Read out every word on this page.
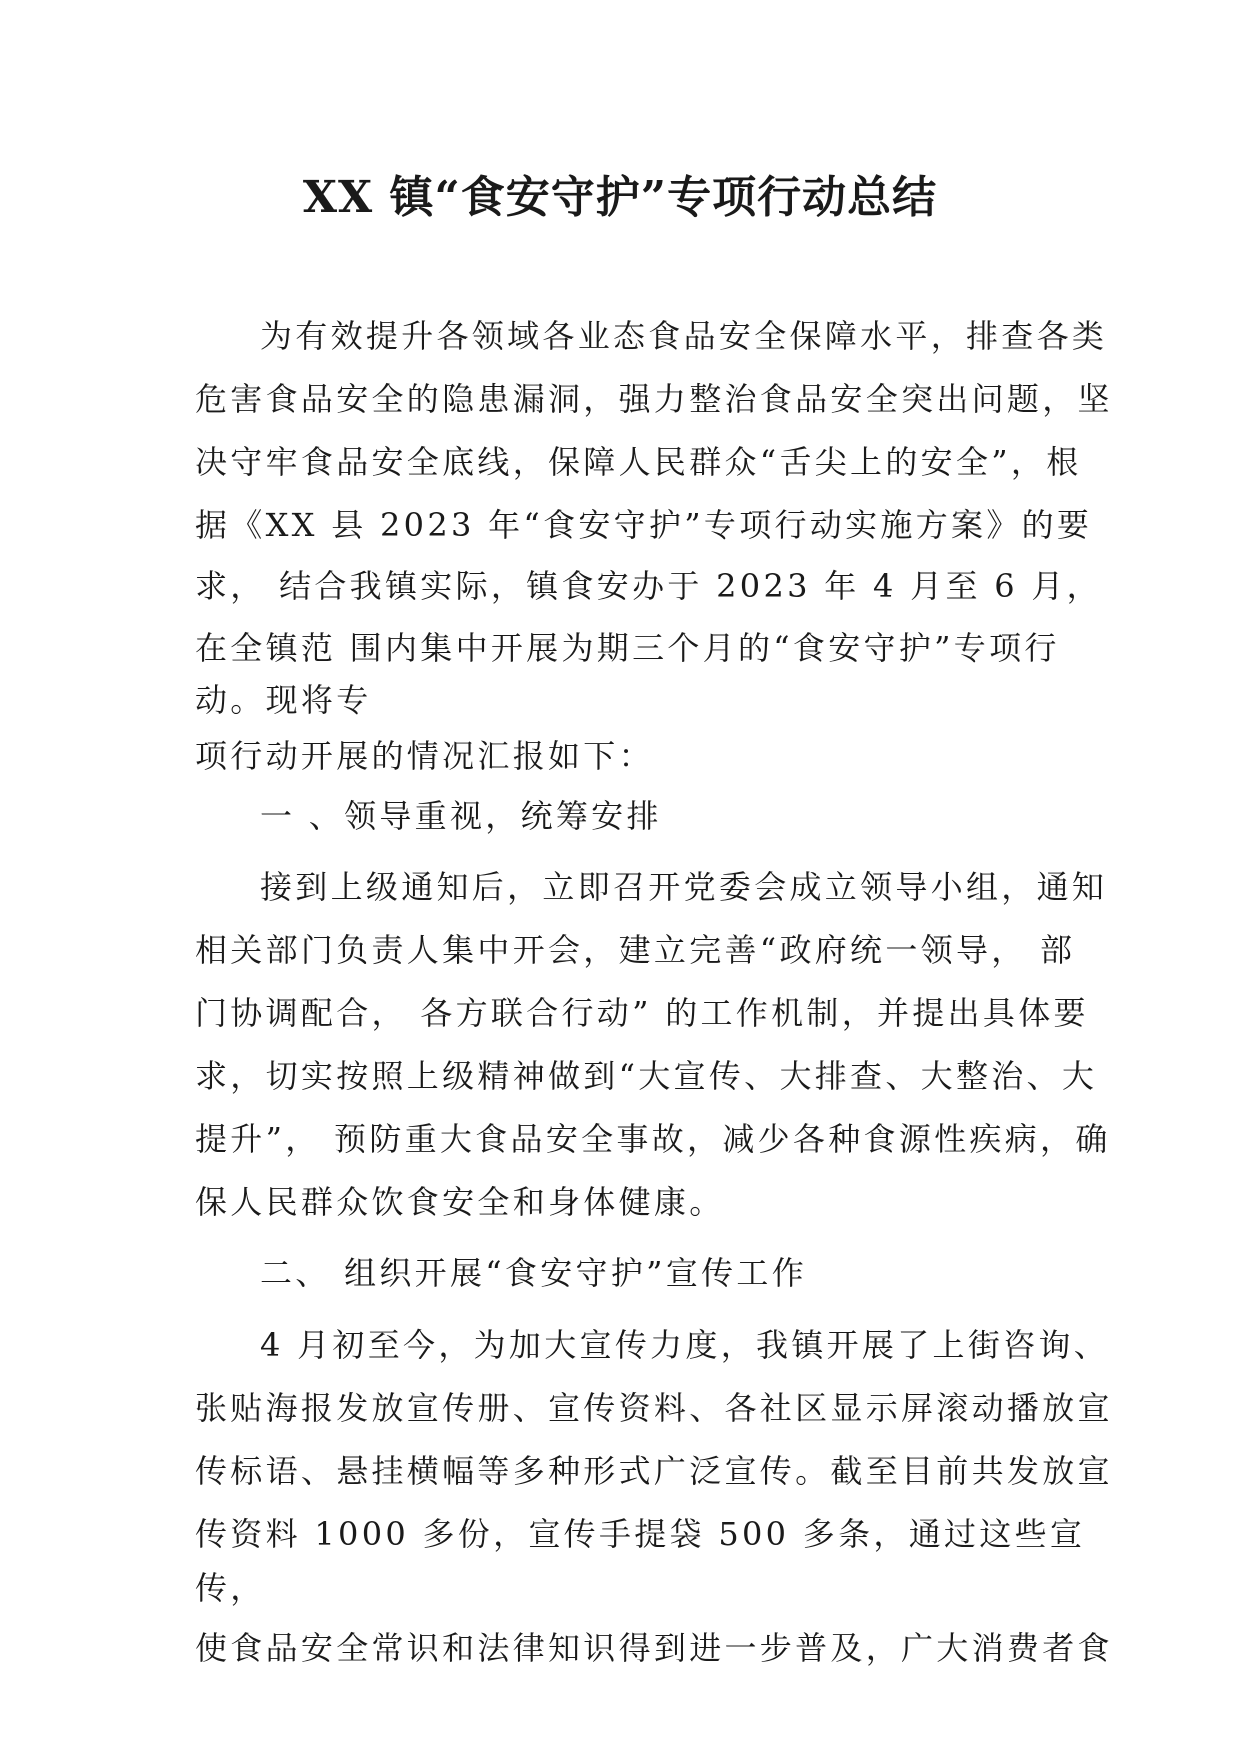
XX 镇“食安守护”专项行动总结

为有效提升各领域各业态食品安全保障水平，排查各类

危害食品安全的隐患漏洞，强力整治食品安全突出问题，坚

决守牢食品安全底线，保障人民群众“舌尖上的安全”，根

据《XX 县 2023 年“食安守护”专项行动实施方案》的要

求， 结合我镇实际，镇食安办于 2023 年 4 月至 6 月，

在全镇范 围内集中开展为期三个月的“食安守护”专项行

动。现将专

项行动开展的情况汇报如下：

一 、领导重视，统筹安排

接到上级通知后，立即召开党委会成立领导小组，通知

相关部门负责人集中开会，建立完善“政府统一领导， 部

门协调配合， 各方联合行动” 的工作机制，并提出具体要

求，切实按照上级精神做到“大宣传、大排查、大整治、大

提升”， 预防重大食品安全事故，减少各种食源性疾病，确

保人民群众饮食安全和身体健康。

二、 组织开展“食安守护”宣传工作

4 月初至今，为加大宣传力度，我镇开展了上街咨询、

张贴海报发放宣传册、宣传资料、各社区显示屏滚动播放宣

传标语、悬挂横幅等多种形式广泛宣传。截至目前共发放宣

传资料 1000 多份，宣传手提袋 500 多条，通过这些宣

传，

使食品安全常识和法律知识得到进一步普及，广大消费者食
